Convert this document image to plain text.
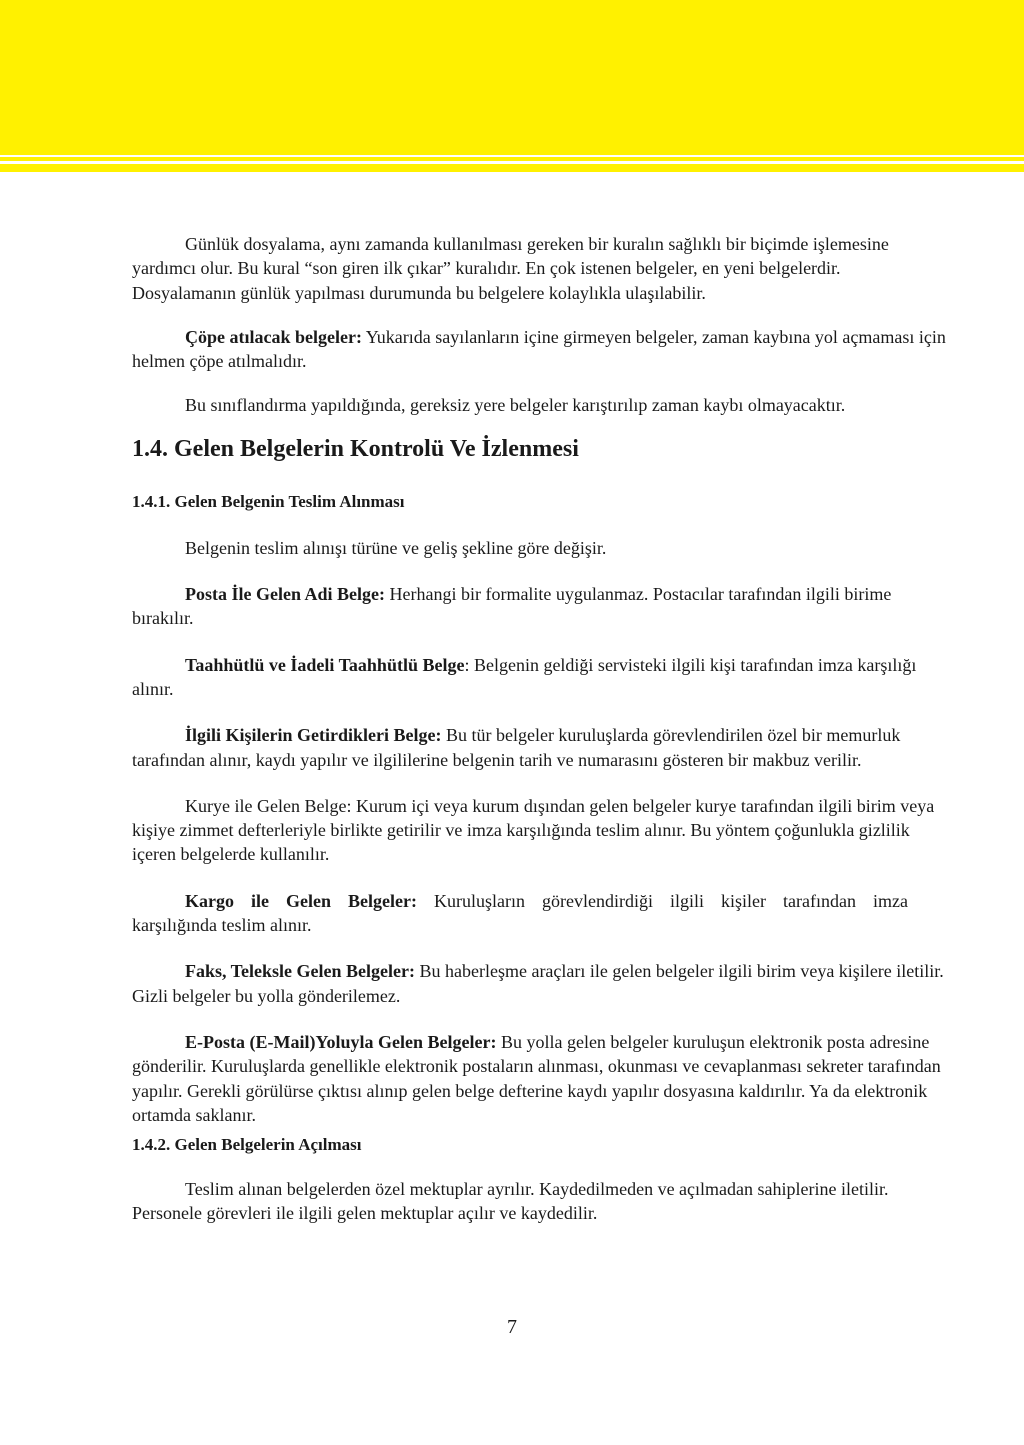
Günlük dosyalama, aynı zamanda kullanılması gereken bir kuralın sağlıklı bir biçimde işlemesine yardımcı olur. Bu kural “son giren ilk çıkar” kuralıdır. En çok istenen belgeler, en yeni belgelerdir. Dosyalamanın günlük yapılması durumunda bu belgelere kolaylıkla ulaşılabilir.

Çöpe atılacak belgeler: Yukarıda sayılanların içine girmeyen belgeler, zaman kaybına yol açmaması için helmen çöpe atılmalıdır.

Bu sınıflandırma yapıldığında, gereksiz yere belgeler karıştırılıp zaman kaybı olmayacaktır.

1.4. Gelen Belgelerin Kontrolü Ve İzlenmesi
1.4.1. Gelen Belgenin Teslim Alınması

Belgenin teslim alınışı türüne ve geliş şekline göre değişir.

Posta İle Gelen Adi Belge: Herhangi bir formalite uygulanmaz. Postacılar tarafından ilgili birime bırakılır.

Taahhütlü ve İadeli Taahhütlü Belge: Belgenin geldiği servisteki ilgili kişi tarafından imza karşılığı alınır.

İlgili Kişilerin Getirdikleri Belge: Bu tür belgeler kuruluşlarda görevlendirilen özel bir memurluk tarafından alınır, kaydı yapılır ve ilgililerine belgenin tarih ve numarasını gösteren bir makbuz verilir.

Kurye ile Gelen Belge: Kurum içi veya kurum dışından gelen belgeler kurye tarafından ilgili birim veya kişiye zimmet defterleriyle birlikte getirilir ve imza karşılığında teslim alınır. Bu yöntem çoğunlukla gizlilik içeren belgelerde kullanılır.

Kargo ile Gelen Belgeler: Kuruluşların görevlendirdiği ilgili kişiler tarafından imza
karşılığında teslim alınır.

Faks, Teleksle Gelen Belgeler: Bu haberleşme araçları ile gelen belgeler ilgili birim veya kişilere iletilir. Gizli belgeler bu yolla gönderilemez.

E-Posta (E-Mail)Yoluyla Gelen Belgeler: Bu yolla gelen belgeler kuruluşun elektronik posta adresine gönderilir. Kuruluşlarda genellikle elektronik postaların alınması, okunması ve cevaplanması sekreter tarafından yapılır. Gerekli görülürse çıktısı alınıp gelen belge defterine kaydı yapılır dosyasına kaldırılır. Ya da elektronik ortamda saklanır.

1.4.2. Gelen Belgelerin Açılması

Teslim alınan belgelerden özel mektuplar ayrılır. Kaydedilmeden ve açılmadan sahiplerine iletilir. Personele görevleri ile ilgili gelen mektuplar açılır ve kaydedilir.

7
